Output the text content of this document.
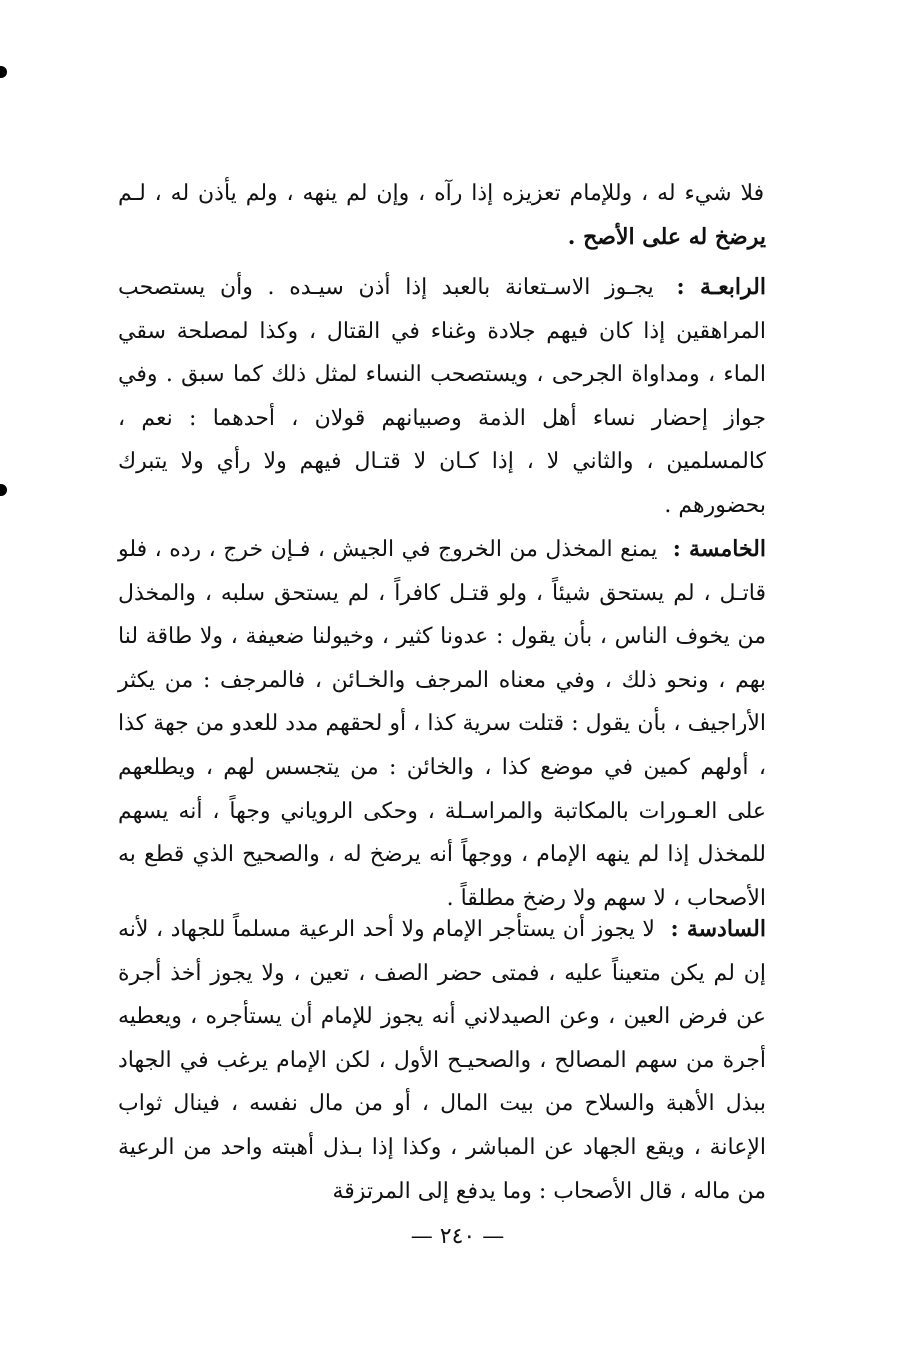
فلا شيء له ، وللإمام تعزيزه إذا رآه ، وإن لم ينهه ، ولم يأذن له ، لـم يرضخ له على الأصح .
الرابعـة : يجـوز الاسـتعانة بالعبد إذا أذن سيـده . وأن يستصحب المراهقين إذا كان فيهم جلادة وغناء في القتال ، وكذا لمصلحة سقي الماء ، ومداواة الجرحى ، ويستصحب النساء لمثل ذلك كما سبق . وفي جواز إحضار نساء أهل الذمة وصبيانهم قولان ، أحدهما : نعم ، كالمسلمين ، والثاني لا ، إذا كـان لا قتـال فيهم ولا رأي ولا يتبرك بحضورهم .
الخامسة : يمنع المخذل من الخروج في الجيش ، فـإن خرج ، رده ، فلو قاتـل ، لم يستحق شيئاً ، ولو قتـل كافراً ، لم يستحق سلبه ، والمخذل من يخوف الناس ، بأن يقول : عدونا كثير ، وخيولنا ضعيفة ، ولا طاقة لنا بهم ، ونحو ذلك ، وفي معناه المرجف والخـائن ، فالمرجف : من يكثر الأراجيف ، بأن يقول : قتلت سرية كذا ، أو لحقهم مدد للعدو من جهة كذا ، أولهم كمين في موضع كذا ، والخائن : من يتجسس لهم ، ويطلعهم على العـورات بالمكاتبة والمراسـلة ، وحكى الروياني وجهاً ، أنه يسهم للمخذل إذا لم ينهه الإمام ، ووجهاً أنه يرضخ له ، والصحيح الذي قطع به الأصحاب ، لا سهم ولا رضخ مطلقاً .
السادسة : لا يجوز أن يستأجر الإمام ولا أحد الرعية مسلماً للجهاد ، لأنه إن لم يكن متعيناً عليه ، فمتى حضر الصف ، تعين ، ولا يجوز أخذ أجرة عن فرض العين ، وعن الصيدلاني أنه يجوز للإمام أن يستأجره ، ويعطيه أجرة من سهم المصالح ، والصحيـح الأول ، لكن الإمام يرغب في الجهاد ببذل الأهبة والسلاح من بيت المال ، أو من مال نفسه ، فينال ثواب الإعانة ، ويقع الجهاد عن المباشر ، وكذا إذا بـذل أهبته واحد من الرعية من ماله ، قال الأصحاب : وما يدفع إلى المرتزقة
— ٢٤٠ —
